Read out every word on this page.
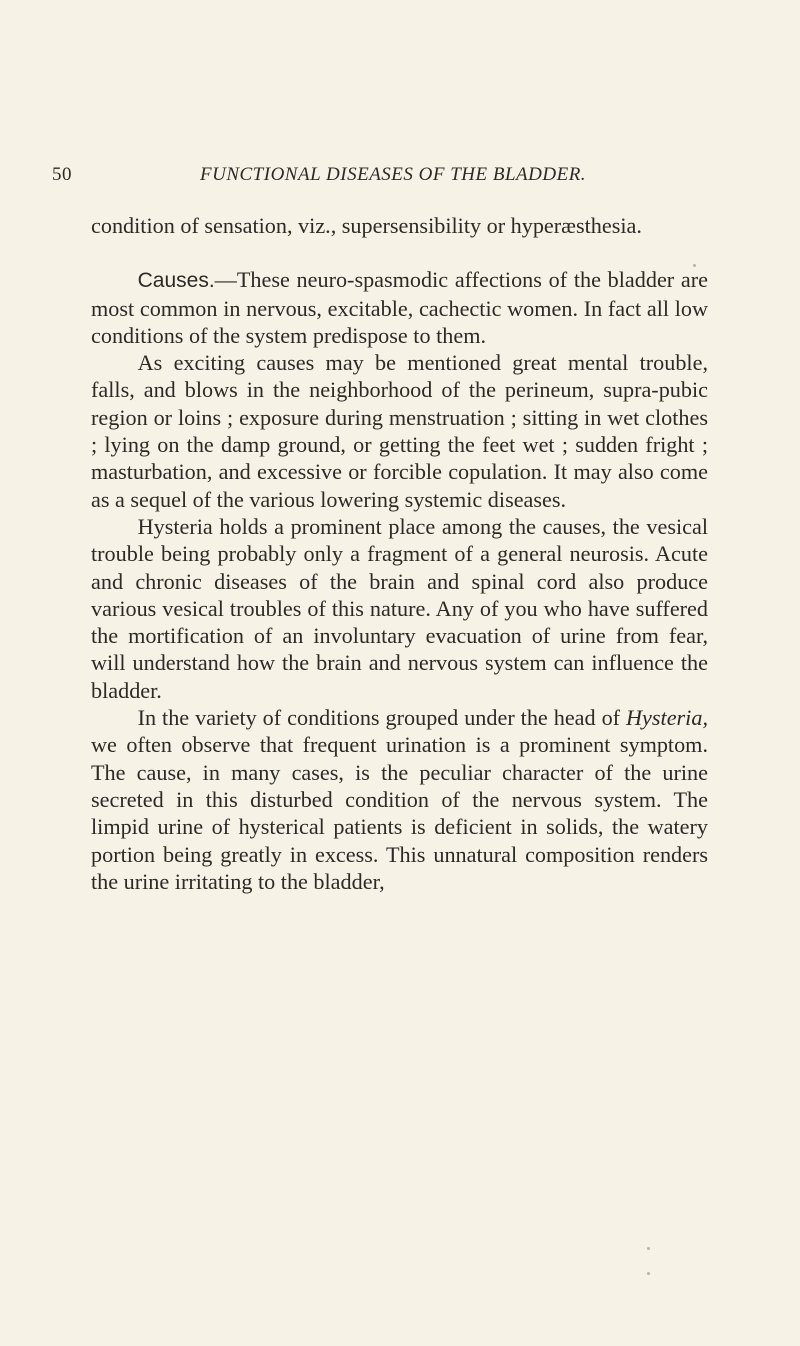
50	FUNCTIONAL DISEASES OF THE BLADDER.

condition of sensation, viz., supersensibility or hyperæsthesia.

Causes.—These neuro-spasmodic affections of the bladder are most common in nervous, excitable, cachectic women. In fact all low conditions of the system predispose to them.

As exciting causes may be mentioned great mental trouble, falls, and blows in the neighborhood of the perineum, supra-pubic region or loins ; exposure during menstruation ; sitting in wet clothes ; lying on the damp ground, or getting the feet wet ; sudden fright ; masturbation, and excessive or forcible copulation. It may also come as a sequel of the various lowering systemic diseases.

Hysteria holds a prominent place among the causes, the vesical trouble being probably only a fragment of a general neurosis. Acute and chronic diseases of the brain and spinal cord also produce various vesical troubles of this nature. Any of you who have suffered the mortification of an involuntary evacuation of urine from fear, will understand how the brain and nervous system can influence the bladder.

In the variety of conditions grouped under the head of Hysteria, we often observe that frequent urination is a prominent symptom. The cause, in many cases, is the peculiar character of the urine secreted in this disturbed condition of the nervous system. The limpid urine of hysterical patients is deficient in solids, the watery portion being greatly in excess. This unnatural composition renders the urine irritating to the bladder,
